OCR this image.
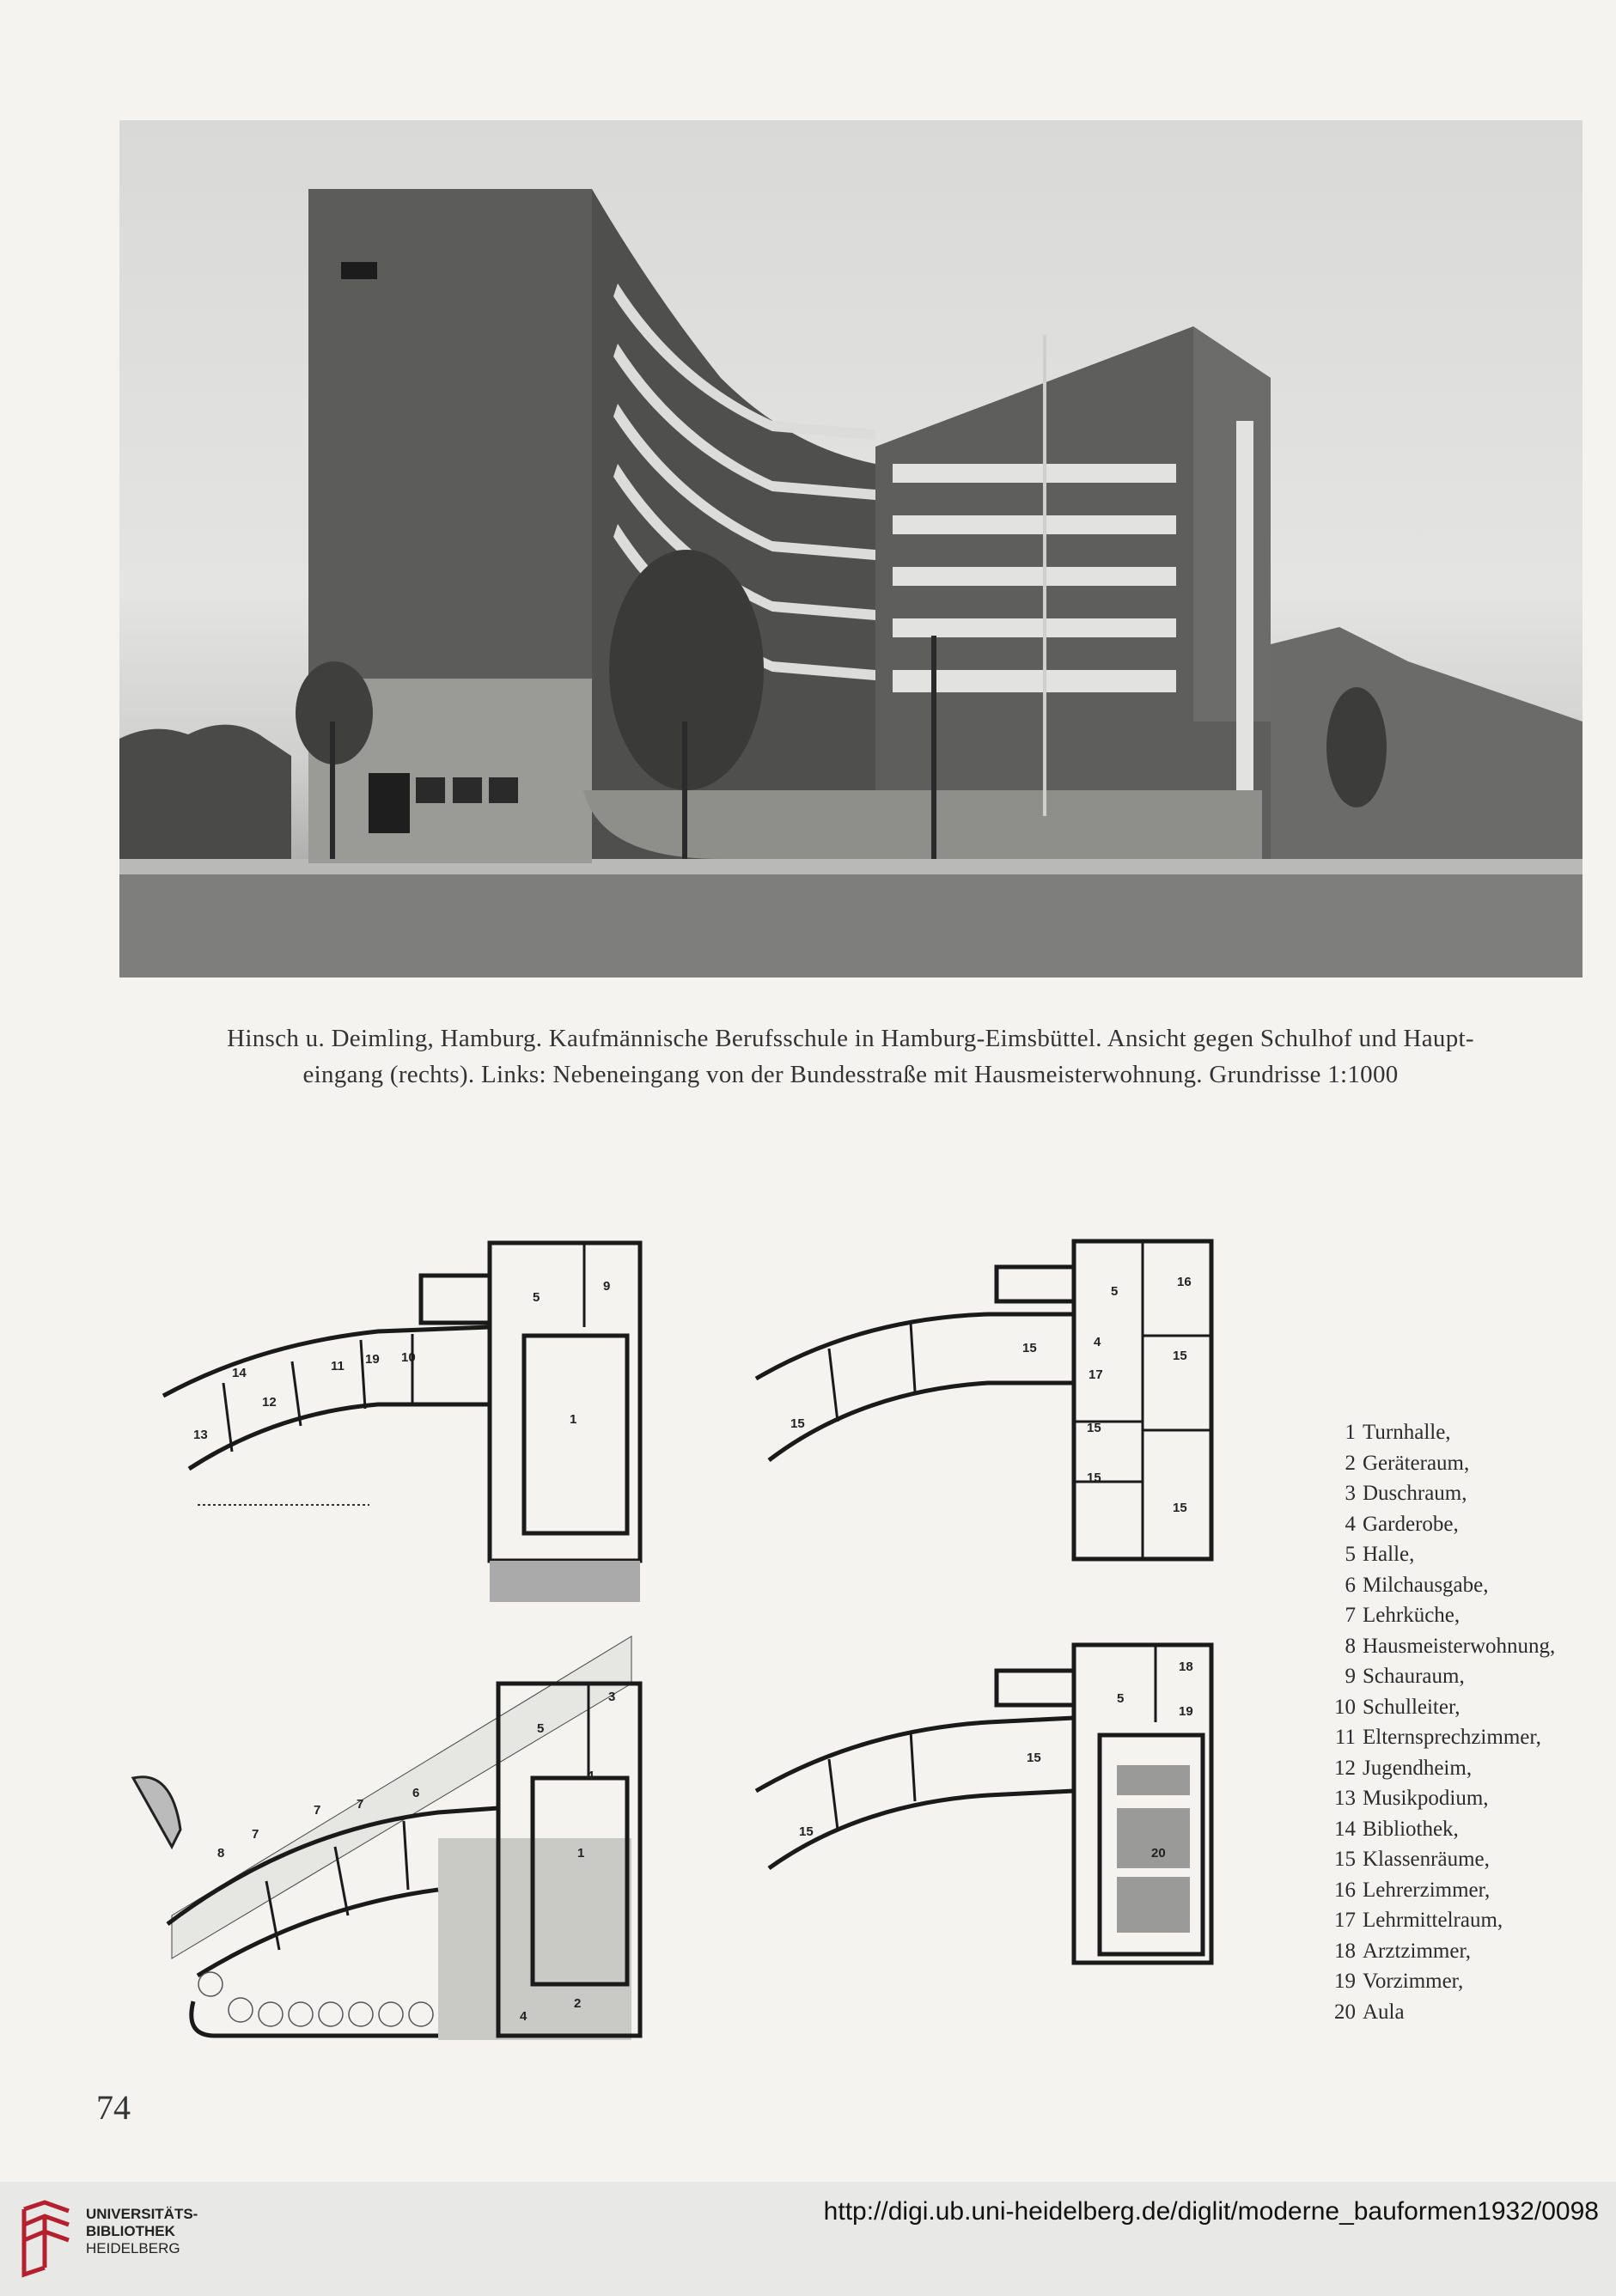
Hinsch u. Deimling, Hamburg. Kaufmännische Berufsschule in Hamburg-Eimsbüttel. Ansicht gegen Schulhof und Haupt-
eingang (rechts). Links: Nebeneingang von der Bundesstraße mit Hausmeisterwohnung. Grundrisse 1:1000
5
9
10
19
11
14
12
13
1
5
16
4
17
15
15
15
15
15
15
3
5
4
6
7
7
7
8	1
2
4
18
5
19
15
15
20
1 Turnhalle,
2 Geräteraum,
3 Duschraum,
4 Garderobe,
5 Halle,
6 Milchausgabe,
7 Lehrküche,
8 Hausmeisterwohnung,
9 Schauraum,
10 Schulleiter,
11 Elternsprechzimmer,
12 Jugendheim,
13 Musikpodium,
14 Bibliothek,
15 Klassenräume,
16 Lehrerzimmer,
17 Lehrmittelraum,
18 Arztzimmer,
19 Vorzimmer,
20 Aula
74
UNIVERSITÄTS-
BIBLIOTHEK
HEIDELBERG
http://digi.ub.uni-heidelberg.de/diglit/moderne_bauformen1932/0098
